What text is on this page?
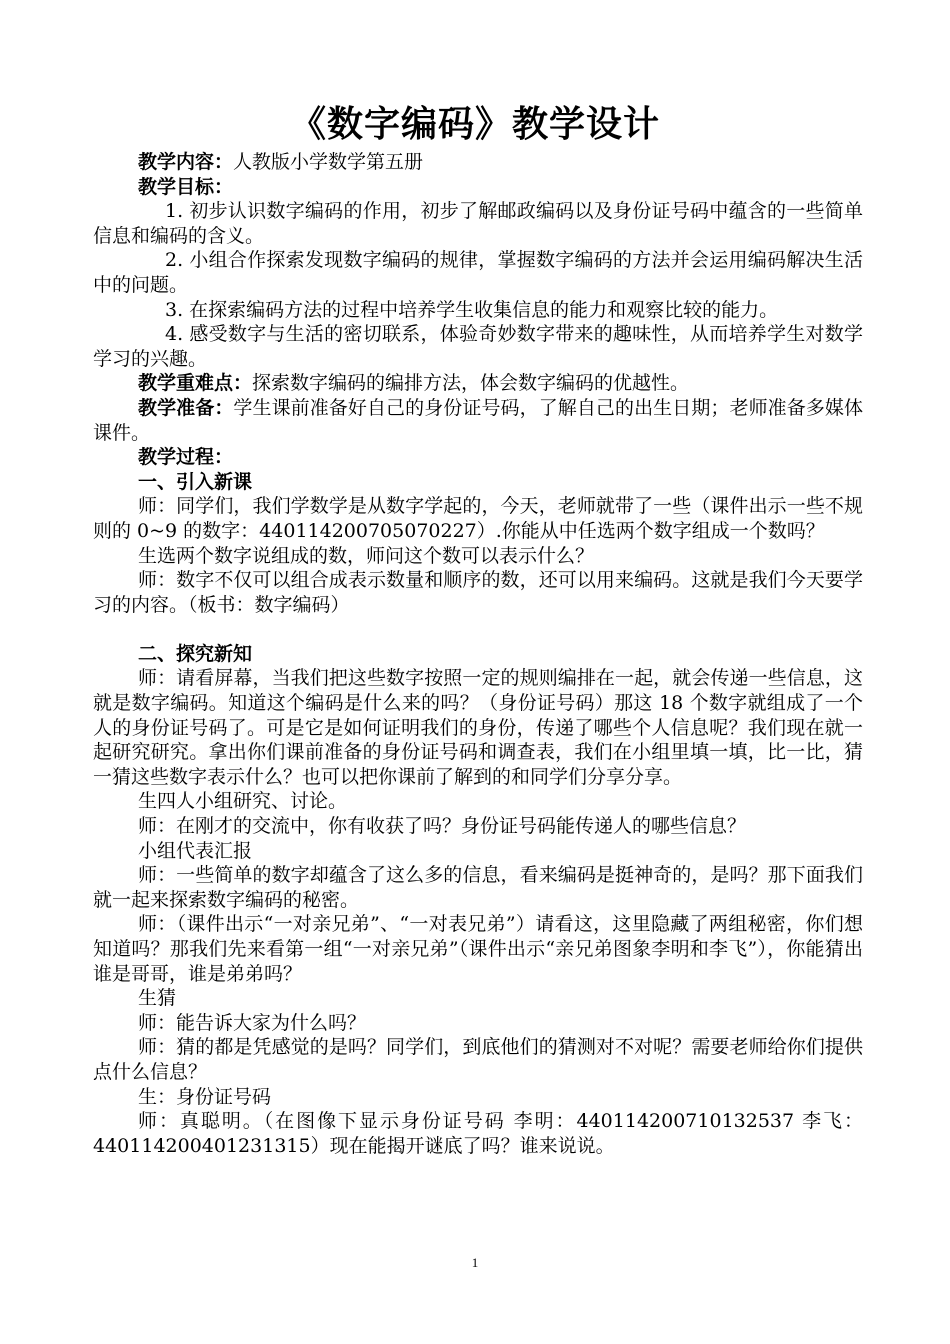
《数字编码》教学设计

教学内容：人教版小学数学第五册

教学目标：

1. 初步认识数字编码的作用，初步了解邮政编码以及身份证号码中蕴含的一些简单信息和编码的含义。

2. 小组合作探索发现数字编码的规律，掌握数字编码的方法并会运用编码解决生活中的问题。

3. 在探索编码方法的过程中培养学生收集信息的能力和观察比较的能力。

4. 感受数字与生活的密切联系，体验奇妙数字带来的趣味性，从而培养学生对数学学习的兴趣。

教学重难点：探索数字编码的编排方法，体会数字编码的优越性。

教学准备：学生课前准备好自己的身份证号码，了解自己的出生日期；老师准备多媒体课件。

教学过程：

一、引入新课

师：同学们，我们学数学是从数字学起的，今天，老师就带了一些（课件出示一些不规则的 0~9 的数字：440114200705070227）.你能从中任选两个数字组成一个数吗？

生选两个数字说组成的数，师问这个数可以表示什么？

师：数字不仅可以组合成表示数量和顺序的数，还可以用来编码。这就是我们今天要学习的内容。（板书：数字编码）

二、探究新知

师：请看屏幕，当我们把这些数字按照一定的规则编排在一起，就会传递一些信息，这就是数字编码。知道这个编码是什么来的吗？（身份证号码）那这 18 个数字就组成了一个人的身份证号码了。可是它是如何证明我们的身份，传递了哪些个人信息呢？我们现在就一起研究研究。拿出你们课前准备的身份证号码和调查表，我们在小组里填一填，比一比，猜一猜这些数字表示什么？也可以把你课前了解到的和同学们分享分享。

生四人小组研究、讨论。

师：在刚才的交流中，你有收获了吗？身份证号码能传递人的哪些信息？

小组代表汇报

师：一些简单的数字却蕴含了这么多的信息，看来编码是挺神奇的，是吗？那下面我们就一起来探索数字编码的秘密。

师：（课件出示“一对亲兄弟”、“一对表兄弟”）请看这，这里隐藏了两组秘密，你们想知道吗？那我们先来看第一组“一对亲兄弟”（课件出示“亲兄弟图象李明和李飞”），你能猜出谁是哥哥，谁是弟弟吗？

生猜

师：能告诉大家为什么吗？

师：猜的都是凭感觉的是吗？同学们，到底他们的猜测对不对呢？需要老师给你们提供点什么信息？

生：身份证号码

师：真聪明。（在图像下显示身份证号码 李明：440114200710132537 李飞：440114200401231315）现在能揭开谜底了吗？谁来说说。

1
